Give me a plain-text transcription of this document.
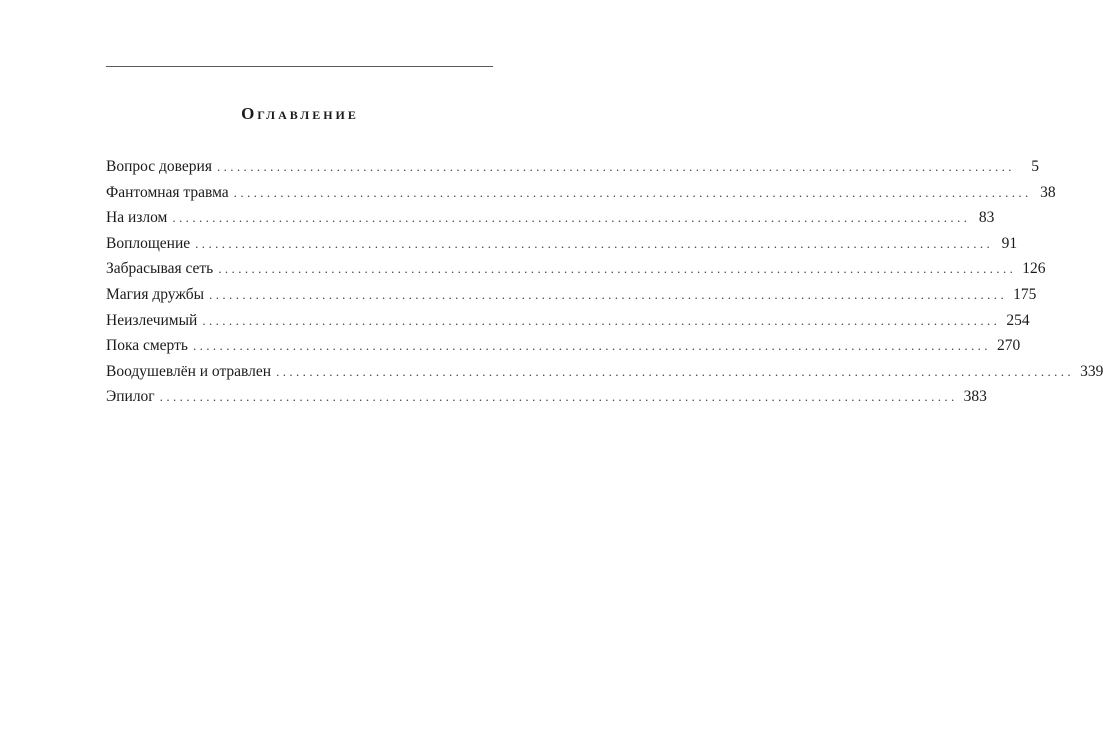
Оглавление
Вопрос доверия ........................................................................................................................	5
Фантомная травма ........................................................................................................................ 38
На излом ........................................................................................................................ 83
Воплощение ........................................................................................................................ 91
Забрасывая сеть ........................................................................................................................ 126
Магия дружбы ........................................................................................................................ 175
Неизлечимый ........................................................................................................................ 254
Пока смерть ........................................................................................................................ 270
Воодушевлён и отравлен ........................................................................................................................ 339
Эпилог ........................................................................................................................ 383
